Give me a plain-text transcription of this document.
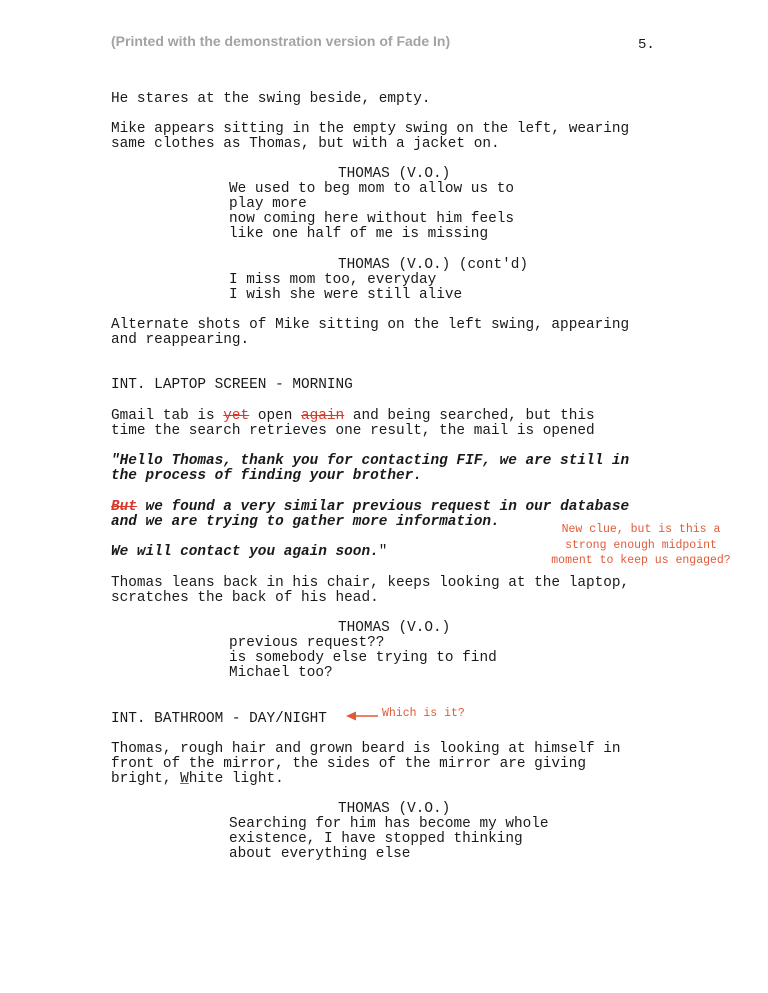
(Printed with the demonstration version of Fade In)	5.
He stares at the swing beside, empty.
Mike appears sitting in the empty swing on the left, wearing
same clothes as Thomas, but with a jacket on.
THOMAS (V.O.)
We used to beg mom to allow us to
play more
now coming here without him feels
like one half of me is missing
THOMAS (V.O.) (cont'd)
I miss mom too, everyday
I wish she were still alive
Alternate shots of Mike sitting on the left swing, appearing
and reappearing.
INT. LAPTOP SCREEN - MORNING
Gmail tab is yet open again and being searched, but this
time the search retrieves one result, the mail is opened
"Hello Thomas, thank you for contacting FIF, we are still in
the process of finding your brother.
But we found a very similar previous request in our database
and we are trying to gather more information.
We will contact you again soon."
New clue, but is this a
strong enough midpoint
moment to keep us engaged?
Thomas leans back in his chair, keeps looking at the laptop,
scratches the back of his head.
THOMAS (V.O.)
previous request??
is somebody else trying to find
Michael too?
INT. BATHROOM - DAY/NIGHT	Which is it?
Thomas, rough hair and grown beard is looking at himself in
front of the mirror, the sides of the mirror are giving
bright, White light.
THOMAS (V.O.)
Searching for him has become my whole
existence, I have stopped thinking
about everything else
